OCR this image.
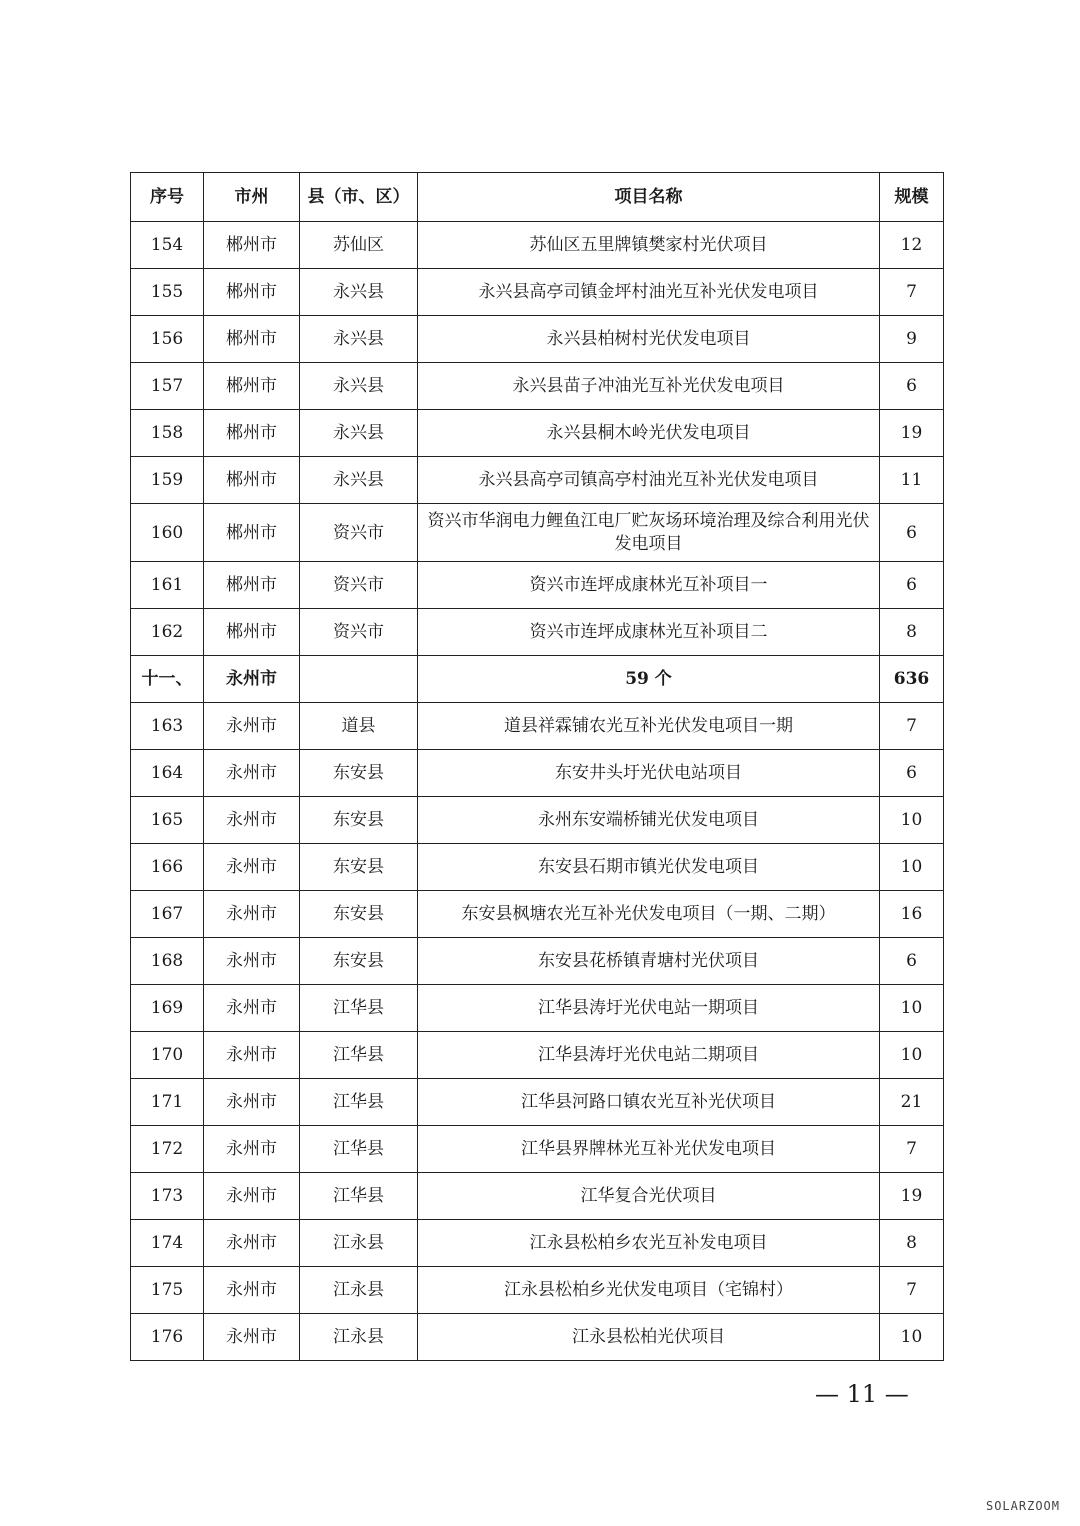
序号	市州	县（市、区）	项目名称	规模
154	郴州市	苏仙区	苏仙区五里牌镇樊家村光伏项目	12
155	郴州市	永兴县	永兴县高亭司镇金坪村油光互补光伏发电项目	7
156	郴州市	永兴县	永兴县柏树村光伏发电项目	9
157	郴州市	永兴县	永兴县苗子冲油光互补光伏发电项目	6
158	郴州市	永兴县	永兴县桐木岭光伏发电项目	19
159	郴州市	永兴县	永兴县高亭司镇高亭村油光互补光伏发电项目	11
160	郴州市	资兴市	资兴市华润电力鲤鱼江电厂贮灰场环境治理及综合利用光伏发电项目	6
161	郴州市	资兴市	资兴市连坪成康林光互补项目一	6
162	郴州市	资兴市	资兴市连坪成康林光互补项目二	8
十一、	永州市		59 个	636
163	永州市	道县	道县祥霖铺农光互补光伏发电项目一期	7
164	永州市	东安县	东安井头圩光伏电站项目	6
165	永州市	东安县	永州东安端桥铺光伏发电项目	10
166	永州市	东安县	东安县石期市镇光伏发电项目	10
167	永州市	东安县	东安县枫塘农光互补光伏发电项目（一期、二期）	16
168	永州市	东安县	东安县花桥镇青塘村光伏项目	6
169	永州市	江华县	江华县涛圩光伏电站一期项目	10
170	永州市	江华县	江华县涛圩光伏电站二期项目	10
171	永州市	江华县	江华县河路口镇农光互补光伏项目	21
172	永州市	江华县	江华县界牌林光互补光伏发电项目	7
173	永州市	江华县	江华复合光伏项目	19
174	永州市	江永县	江永县松柏乡农光互补发电项目	8
175	永州市	江永县	江永县松柏乡光伏发电项目（宅锦村）	7
176	永州市	江永县	江永县松柏光伏项目	10
— 11 —
SOLARZOOM
